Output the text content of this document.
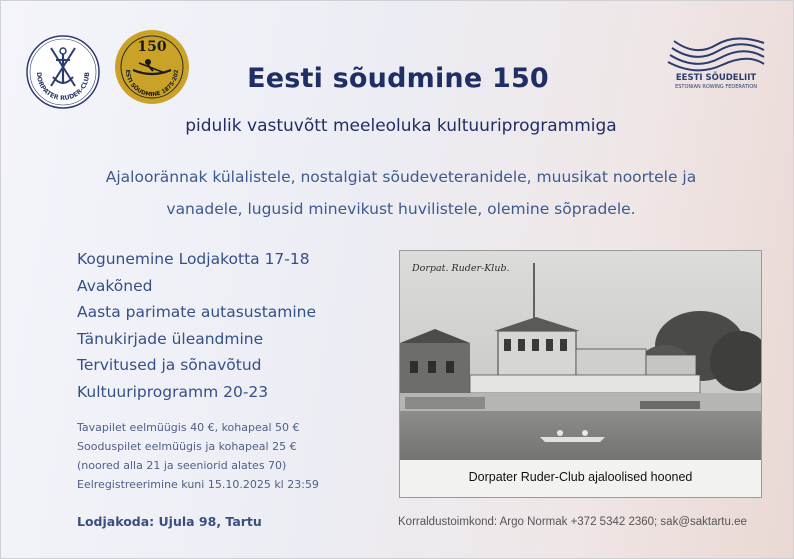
DORPATER RUDER-CLUB
150
ESTI SÕUDMINE 1875-202
EESTI SÕUDELIIT
ESTONIAN ROWING FEDERATION
Eesti sõudmine 150
pidulik vastuvõtt meeleoluka kultuuriprogrammiga
Ajaloorännak külalistele, nostalgiat sõudeveteranidele, muusikat noortele ja
vanadele, lugusid minevikust huvilistele, olemine sõpradele.
Kogunemine Lodjakotta 17-18
Avakõned
Aasta parimate autasustamine
Tänukirjade üleandmine
Tervitused ja sõnavõtud
Kultuuriprogramm 20-23
Tavapilet eelmüügis 40 €, kohapeal 50 €
Sooduspilet eelmüügis ja kohapeal 25 €
(noored alla 21 ja seeniorid alates 70)
Eelregistreerimine kuni 15.10.2025 kl 23:59
Lodjakoda: Ujula 98, Tartu	Korraldustoimkond: Argo Normak +372 5342 2360; sak@saktartu.ee
Dorpat. Ruder-Klub.
Dorpater Ruder-Club ajaloolised hooned
